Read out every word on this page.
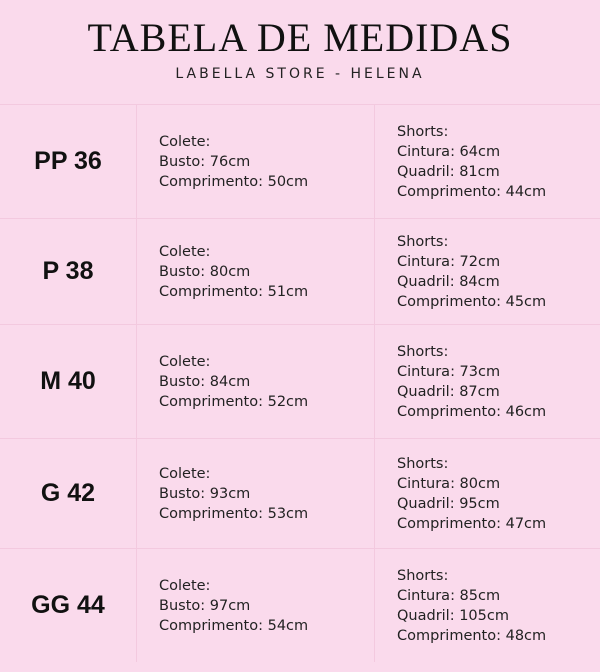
TABELA DE MEDIDAS
LABELLA STORE - HELENA
PP 36
Colete:
Busto: 76cm
Comprimento: 50cm
Shorts:
Cintura: 64cm
Quadril: 81cm
Comprimento: 44cm
P 38
Colete:
Busto: 80cm
Comprimento: 51cm
Shorts:
Cintura: 72cm
Quadril: 84cm
Comprimento: 45cm
M 40
Colete:
Busto: 84cm
Comprimento: 52cm
Shorts:
Cintura: 73cm
Quadril: 87cm
Comprimento: 46cm
G 42
Colete:
Busto: 93cm
Comprimento: 53cm
Shorts:
Cintura: 80cm
Quadril: 95cm
Comprimento: 47cm
GG 44
Colete:
Busto: 97cm
Comprimento: 54cm
Shorts:
Cintura: 85cm
Quadril: 105cm
Comprimento: 48cm
